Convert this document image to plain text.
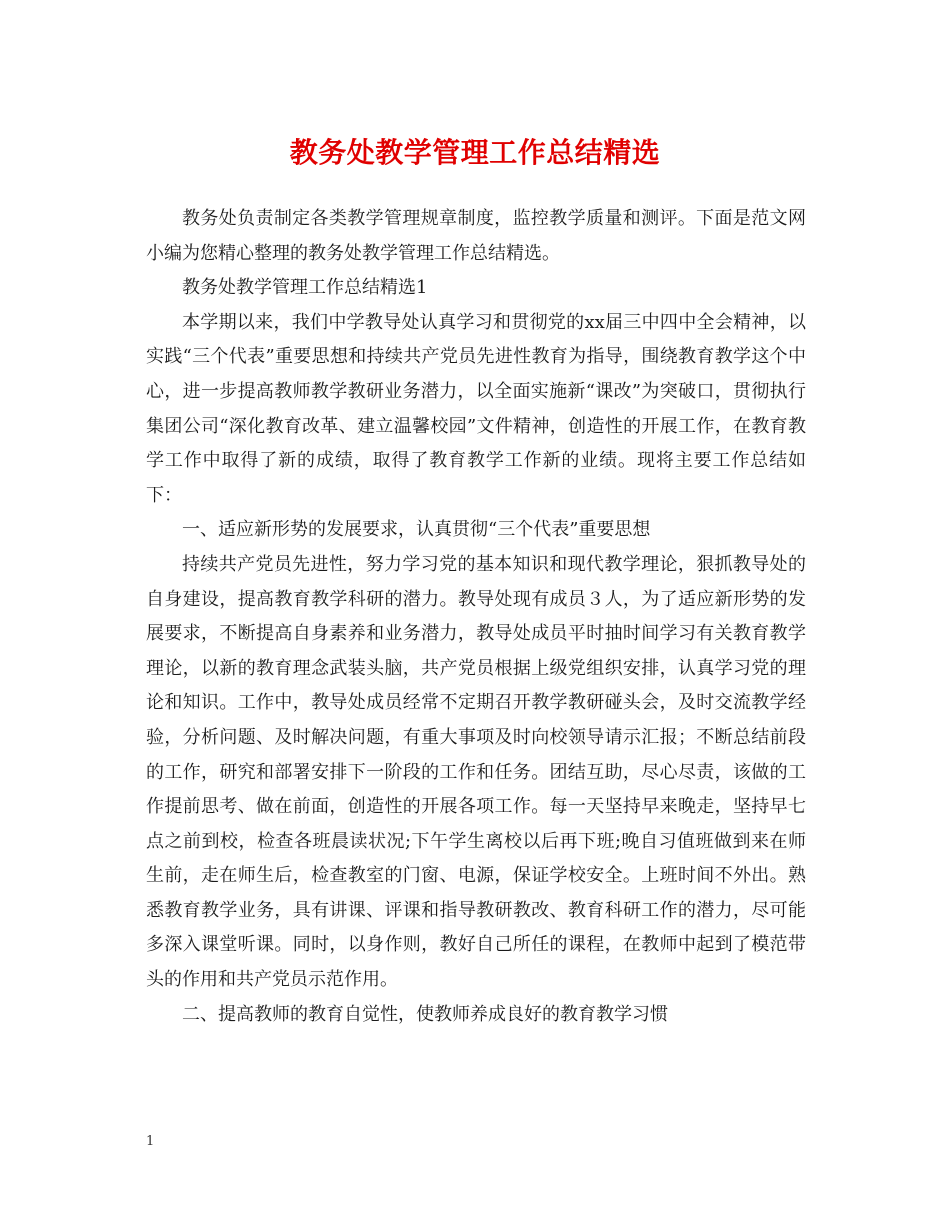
教务处教学管理工作总结精选

教务处负责制定各类教学管理规章制度，监控教学质量和测评。下面是范文网小编为您精心整理的教务处教学管理工作总结精选。

教务处教学管理工作总结精选1

本学期以来，我们中学教导处认真学习和贯彻党的xx届三中四中全会精神，以实践“三个代表”重要思想和持续共产党员先进性教育为指导，围绕教育教学这个中心，进一步提高教师教学教研业务潜力，以全面实施新“课改”为突破口，贯彻执行集团公司“深化教育改革、建立温馨校园”文件精神，创造性的开展工作，在教育教学工作中取得了新的成绩，取得了教育教学工作新的业绩。现将主要工作总结如下：

一、适应新形势的发展要求，认真贯彻“三个代表”重要思想

持续共产党员先进性，努力学习党的基本知识和现代教学理论，狠抓教导处的自身建设，提高教育教学科研的潜力。教导处现有成员３人，为了适应新形势的发展要求，不断提高自身素养和业务潜力，教导处成员平时抽时间学习有关教育教学理论，以新的教育理念武装头脑，共产党员根据上级党组织安排，认真学习党的理论和知识。工作中，教导处成员经常不定期召开教学教研碰头会，及时交流教学经验，分析问题、及时解决问题，有重大事项及时向校领导请示汇报；不断总结前段的工作，研究和部署安排下一阶段的工作和任务。团结互助，尽心尽责，该做的工作提前思考、做在前面，创造性的开展各项工作。每一天坚持早来晚走，坚持早七点之前到校，检查各班晨读状况;下午学生离校以后再下班;晚自习值班做到来在师生前，走在师生后，检查教室的门窗、电源，保证学校安全。上班时间不外出。熟悉教育教学业务，具有讲课、评课和指导教研教改、教育科研工作的潜力，尽可能多深入课堂听课。同时，以身作则，教好自己所任的课程，在教师中起到了模范带头的作用和共产党员示范作用。

二、提高教师的教育自觉性，使教师养成良好的教育教学习惯

1
